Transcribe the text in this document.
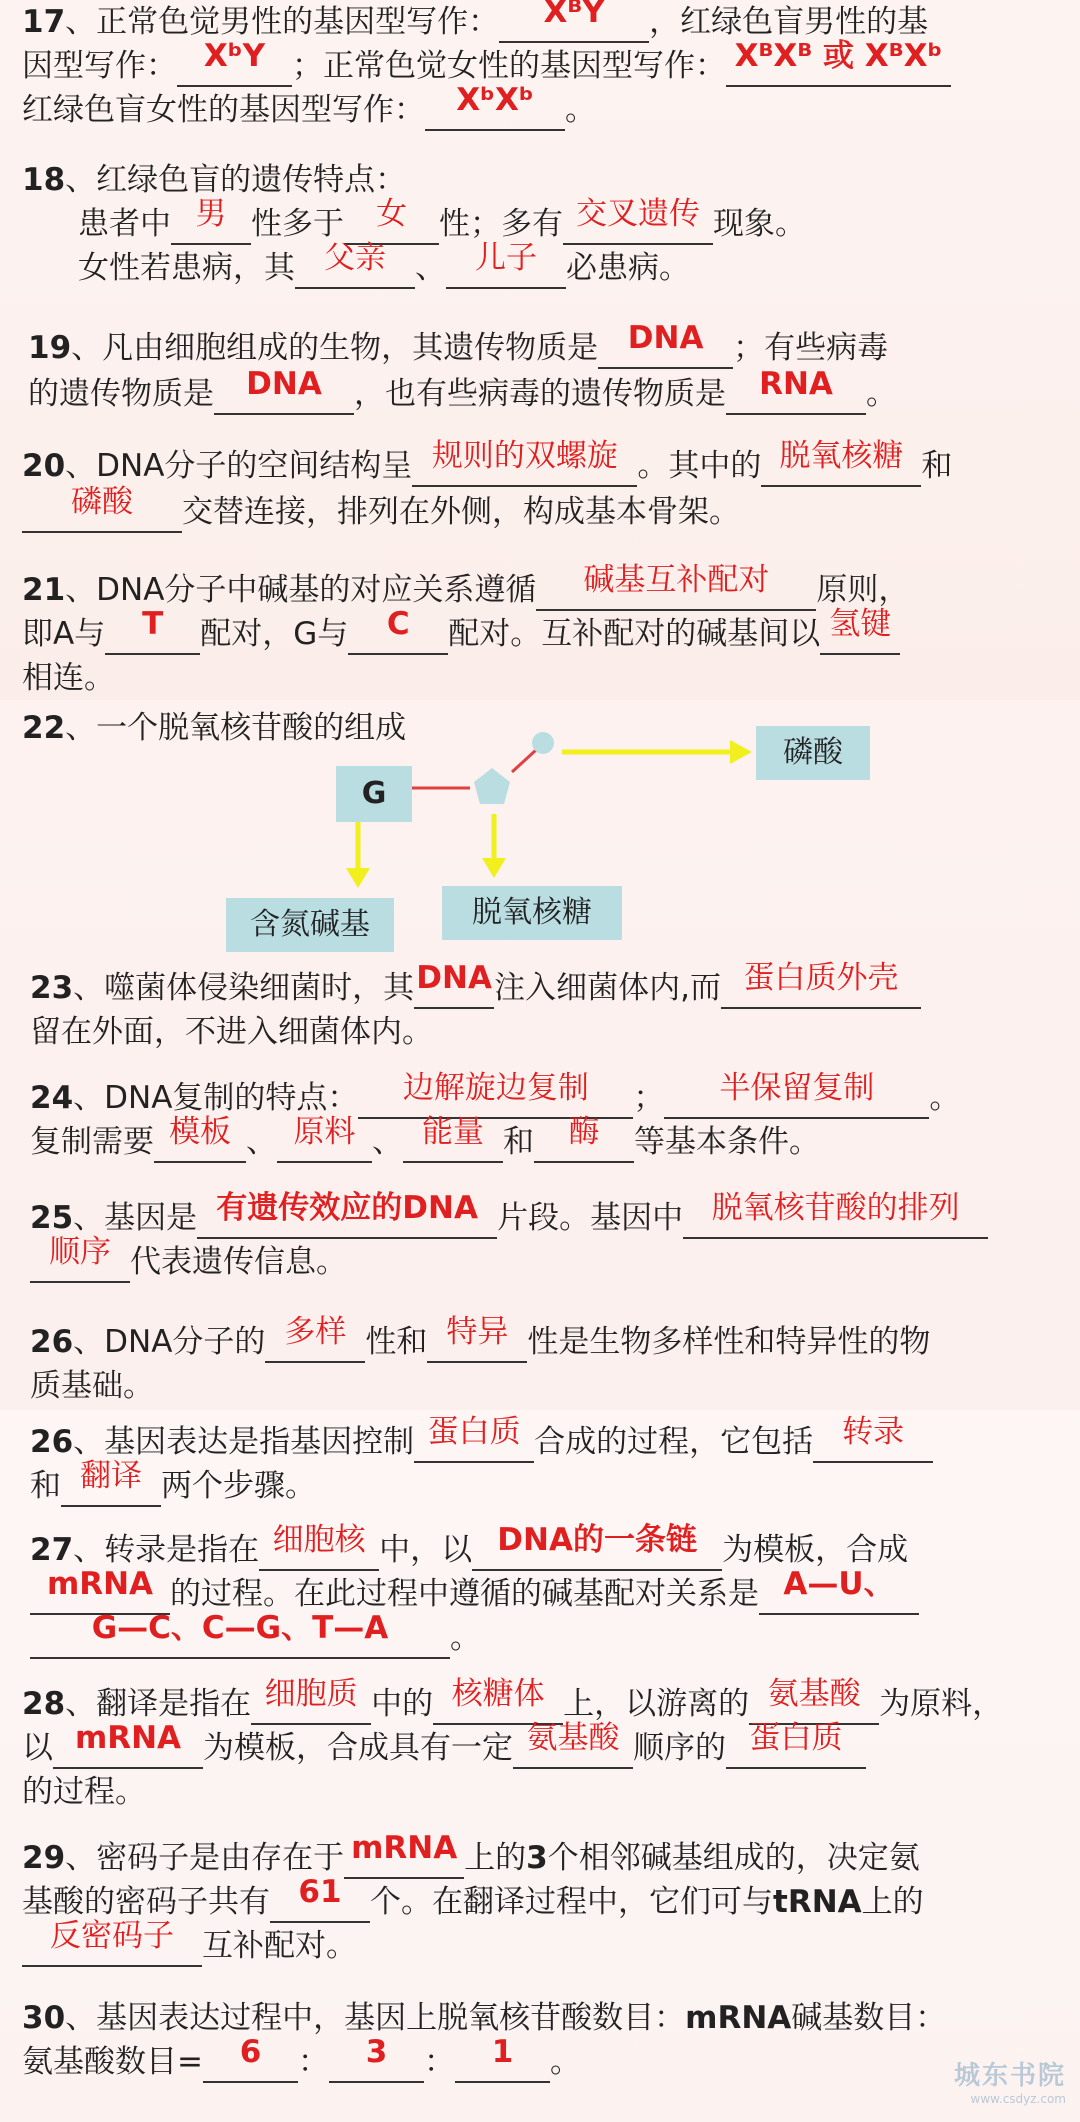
17、正常色觉男性的基因型写作： XᴮY ，红绿色盲男性的基
因型写作： XᵇY ；正常色觉女性的基因型写作： XᴮXᴮ 或 XᴮXᵇ
红绿色盲女性的基因型写作： XᵇXᵇ 。
18、红绿色盲的遗传特点：
患者中 男 性多于 女 性；多有 交叉遗传 现象。
女性若患病，其 父亲 、 儿子 必患病。
19、凡由细胞组成的生物，其遗传物质是 DNA ；有些病毒
的遗传物质是 DNA ，也有些病毒的遗传物质是 RNA 。
20、DNA分子的空间结构呈 规则的双螺旋 。其中的 脱氧核糖 和
磷酸 交替连接，排列在外侧，构成基本骨架。
21、DNA分子中碱基的对应关系遵循 碱基互补配对 原则，
即A与 T 配对，G与 C 配对。互补配对的碱基间以 氢键
相连。
22、一个脱氧核苷酸的组成
G
磷酸
含氮碱基	脱氧核糖
23、噬菌体侵染细菌时，其DNA注入细菌体内,而 蛋白质外壳
留在外面，不进入细菌体内。
24、DNA复制的特点： 边解旋边复制 ； 半保留复制 。
复制需要 模板 、 原料 、 能量 和 酶 等基本条件。
25、基因是 有遗传效应的DNA 片段。基因中 脱氧核苷酸的排列
顺序 代表遗传信息。
26、DNA分子的 多样 性和 特异 性是生物多样性和特异性的物
质基础。
26、基因表达是指基因控制 蛋白质 合成的过程，它包括 转录
和 翻译 两个步骤。
27、转录是指在 细胞核 中，以 DNA的一条链 为模板，合成
mRNA 的过程。在此过程中遵循的碱基配对关系是 A—U、
G—C、C—G、T—A 。
28、翻译是指在 细胞质 中的 核糖体 上，以游离的 氨基酸 为原料，
以 mRNA 为模板，合成具有一定 氨基酸 顺序的 蛋白质
的过程。
29、密码子是由存在于 mRNA 上的3个相邻碱基组成的，决定氨
基酸的密码子共有 61 个。在翻译过程中，它们可与tRNA上的
反密码子 互补配对。
30、基因表达过程中，基因上脱氧核苷酸数目：mRNA碱基数目：
氨基酸数目= 6 ： 3 ： 1 。	城东书院
www.csdyz.com
